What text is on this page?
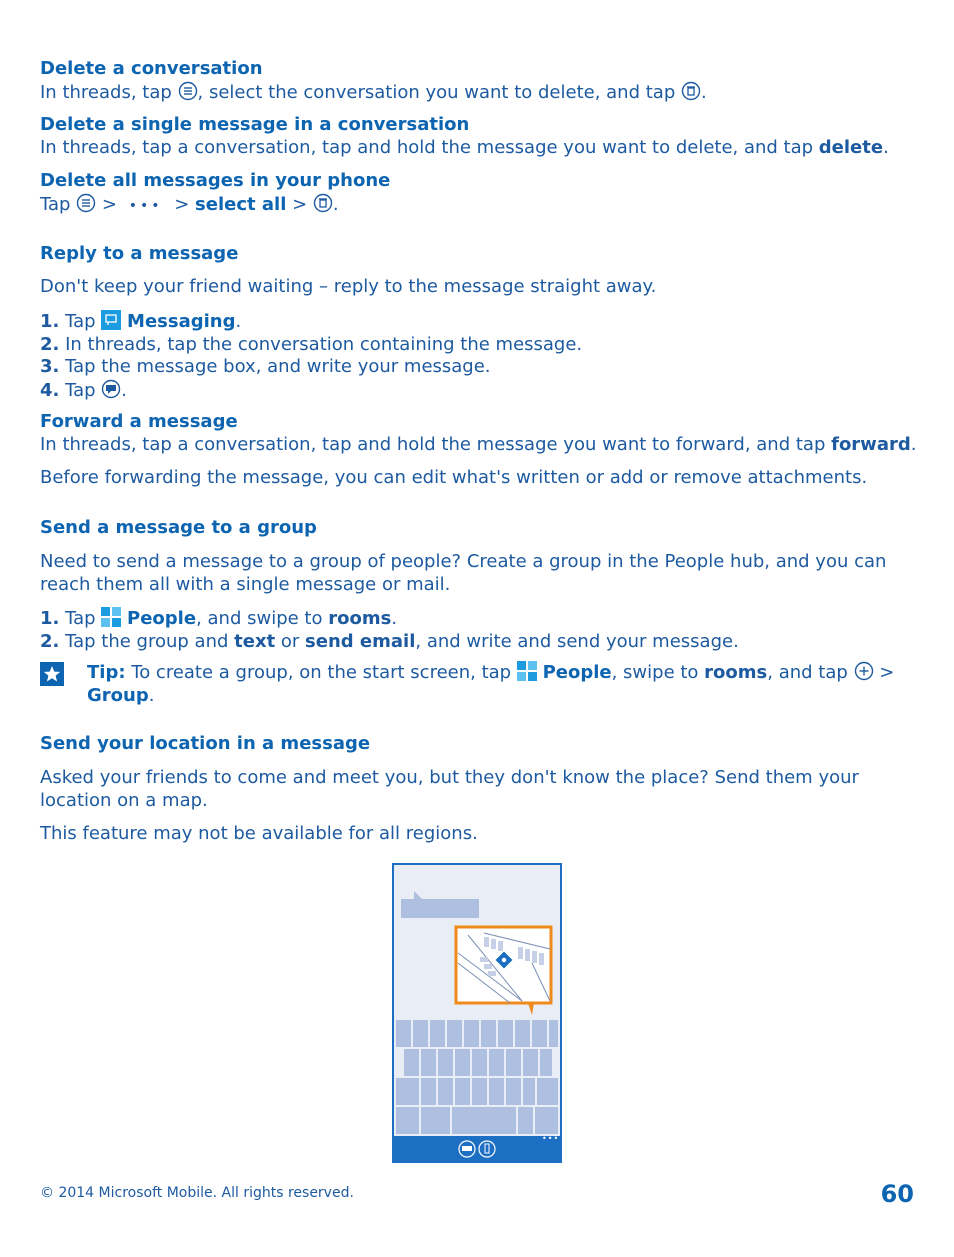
Delete a conversation
In threads, tap , select the conversation you want to delete, and tap .
Delete a single message in a conversation
In threads, tap a conversation, tap and hold the message you want to delete, and tap delete.
Delete all messages in your phone
Tap  > ••• > select all > .
Reply to a message
Don't keep your friend waiting – reply to the message straight away.
1. Tap  Messaging.
2. In threads, tap the conversation containing the message.
3. Tap the message box, and write your message.
4. Tap .
Forward a message
In threads, tap a conversation, tap and hold the message you want to forward, and tap forward.
Before forwarding the message, you can edit what's written or add or remove attachments.
Send a message to a group
Need to send a message to a group of people? Create a group in the People hub, and you can reach them all with a single message or mail.
1. Tap  People, and swipe to rooms.
2. Tap the group and text or send email, and write and send your message.
Tip: To create a group, on the start screen, tap  People, swipe to rooms, and tap  >
Group.
Send your location in a message
Asked your friends to come and meet you, but they don't know the place? Send them your location on a map.
This feature may not be available for all regions.
•••
© 2014 Microsoft Mobile. All rights reserved.	60
